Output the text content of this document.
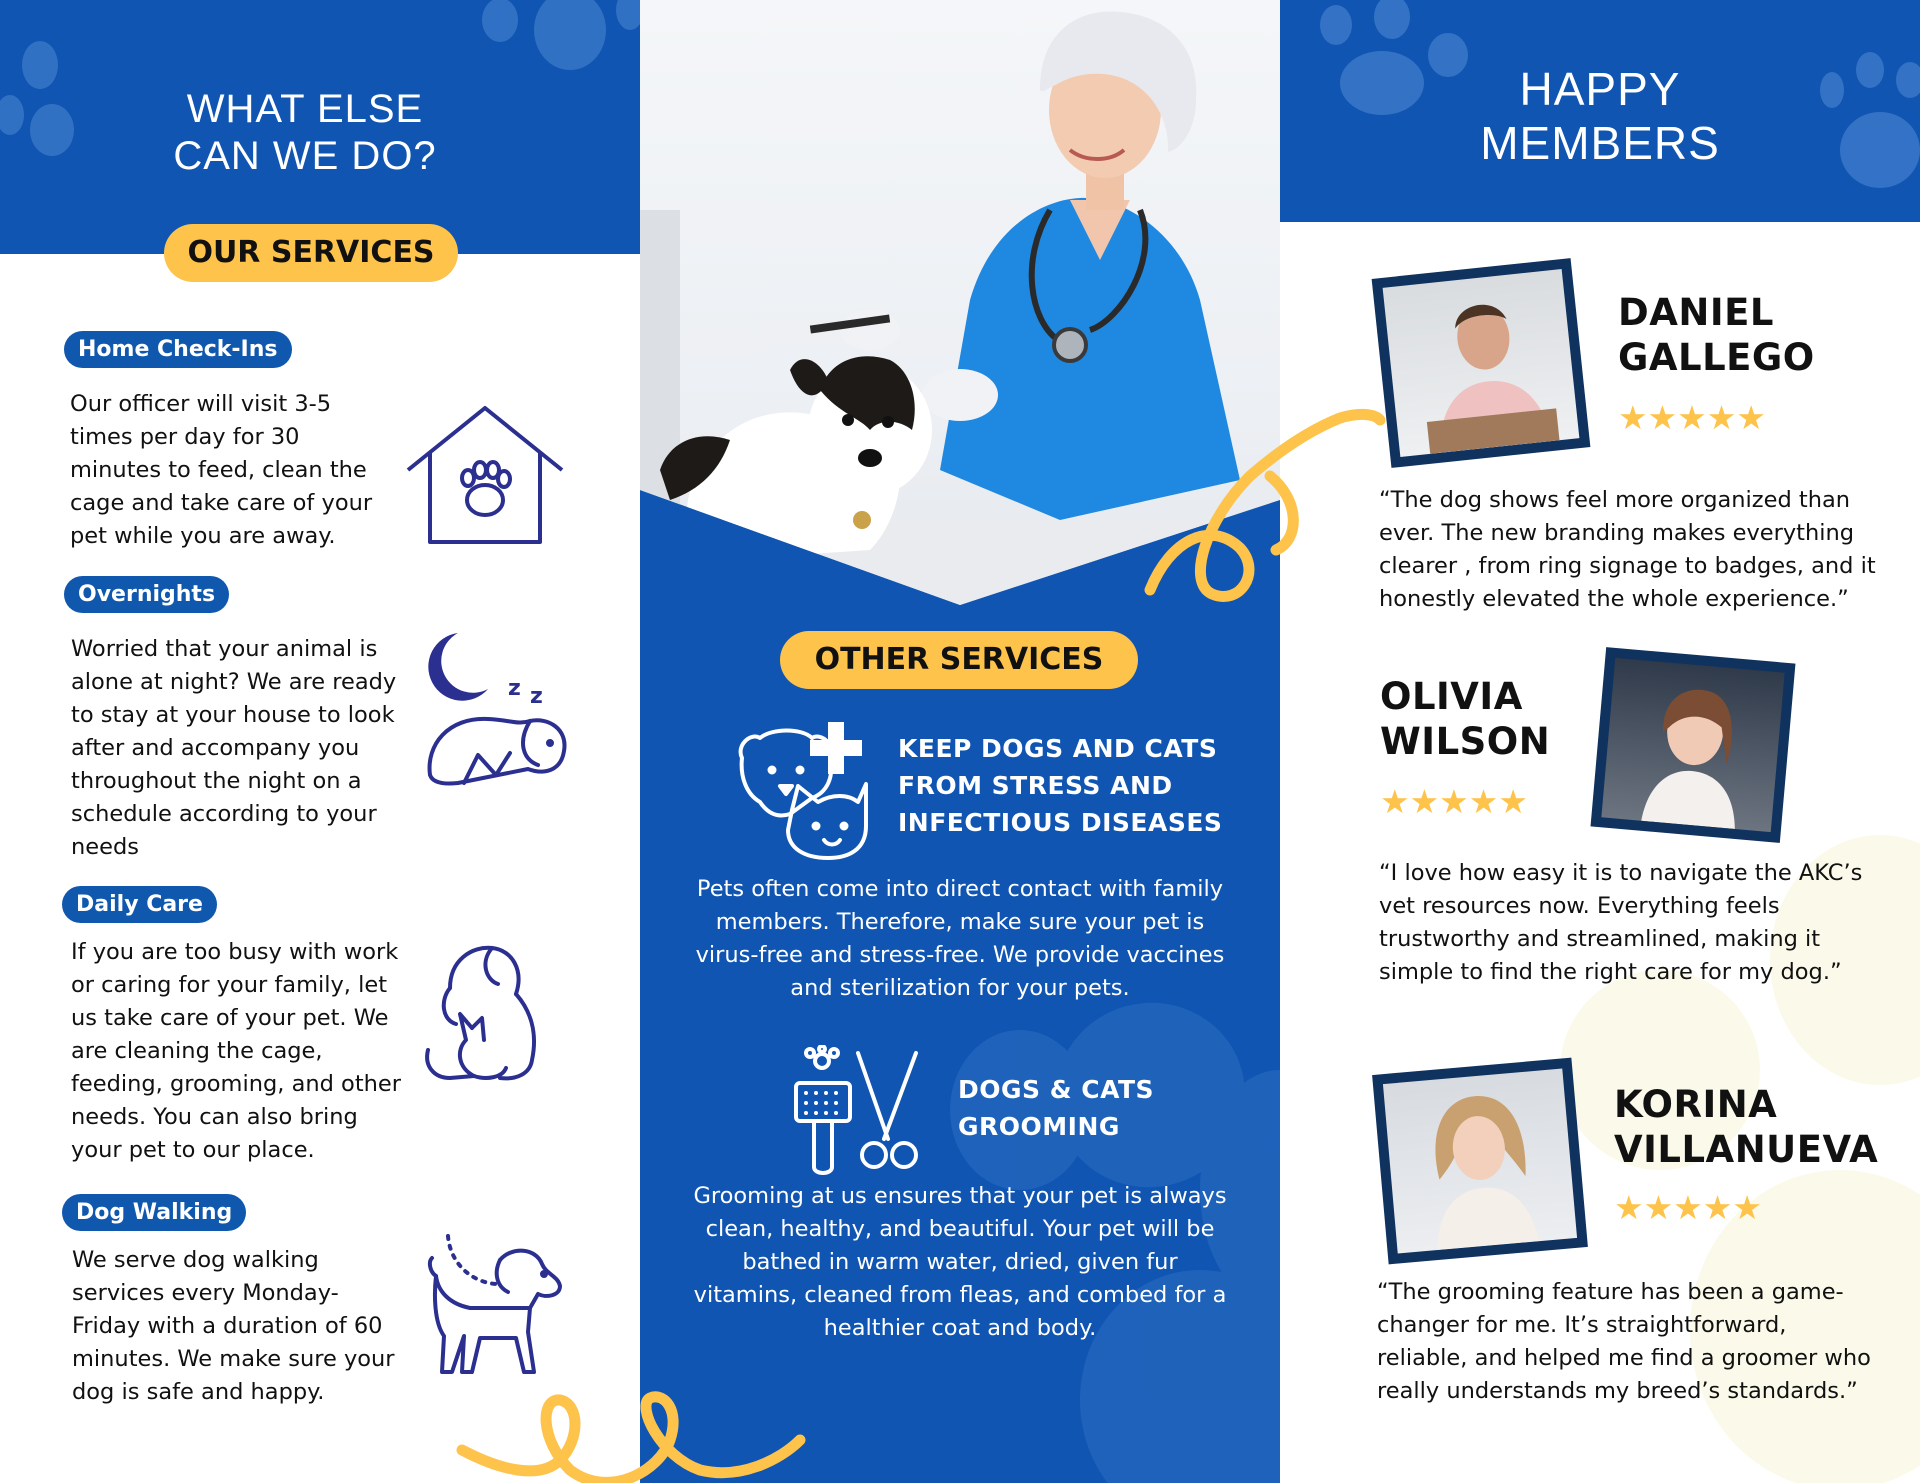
WHAT ELSE
CAN WE DO?
OUR SERVICES
Home Check-Ins
Our officer will visit 3-5 times per day for 30 minutes to feed, clean the cage and take care of your pet while you are away.
Overnights
Worried that your animal is alone at night? We are ready to stay at your house to look after and accompany you throughout the night on a schedule according to your needs
z z
Daily Care
If you are too busy with work or caring for your family, let us take care of your pet. We are cleaning the cage, feeding, grooming, and other needs. You can also bring your pet to our place.
Dog Walking
We serve dog walking services every Monday-Friday with a duration of 60 minutes. We make sure your dog is safe and happy.
OTHER SERVICES
KEEP DOGS AND CATS FROM STRESS AND INFECTIOUS DISEASES
Pets often come into direct contact with family members. Therefore, make sure your pet is virus-free and stress-free. We provide vaccines and sterilization for your pets.
DOGS & CATS GROOMING
Grooming at us ensures that your pet is always clean, healthy, and beautiful. Your pet will be bathed in warm water, dried, given fur vitamins, cleaned from fleas, and combed for a healthier coat and body.
HAPPY
MEMBERS
DANIEL
GALLEGO
★★★★★
“The dog shows feel more organized than ever. The new branding makes everything clearer , from ring signage to badges, and it honestly elevated the whole experience.”
OLIVIA
WILSON
★★★★★
“I love how easy it is to navigate the AKC’s vet resources now. Everything feels trustworthy and streamlined, making it simple to find the right care for my dog.”
KORINA
VILLANUEVA
★★★★★
“The grooming feature has been a game-changer for me. It’s straightforward, reliable, and helped me find a groomer who really understands my breed’s standards.”
